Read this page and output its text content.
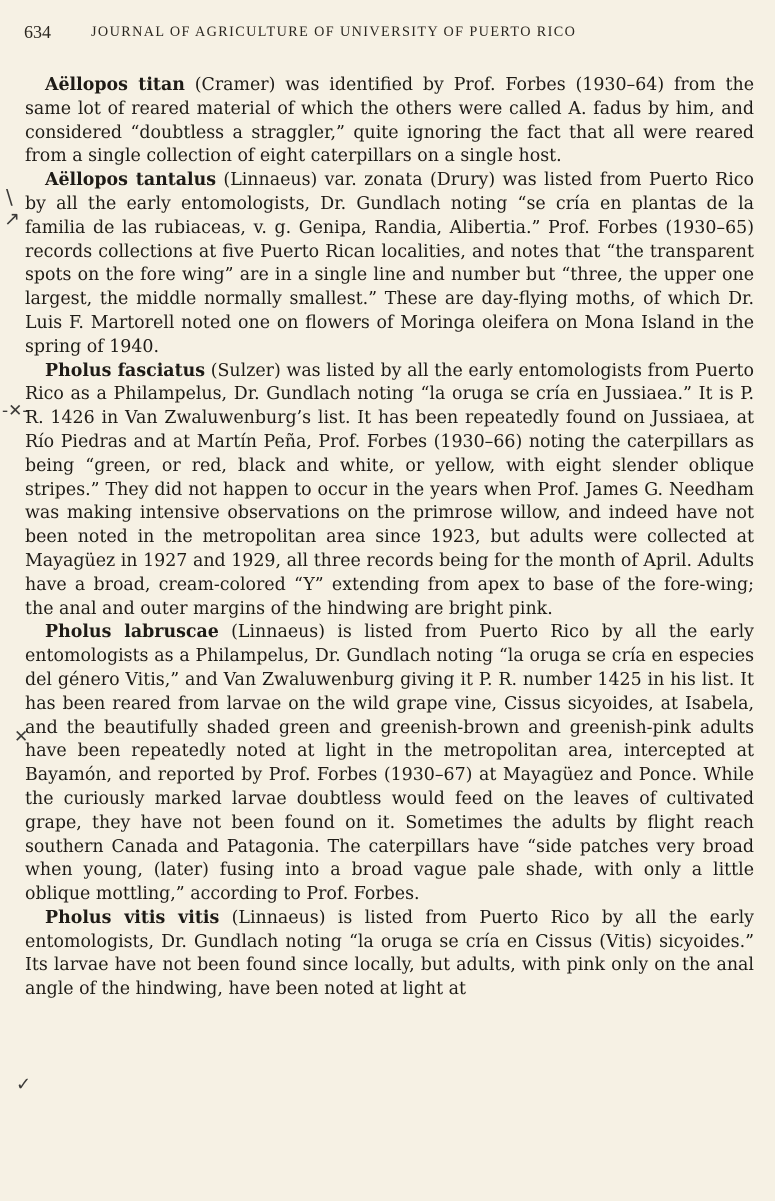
634	JOURNAL OF AGRICULTURE OF UNIVERSITY OF PUERTO RICO
\
↗
-✕-
✕
✓

Aëllopos titan (Cramer) was identified by Prof. Forbes (1930–64) from the same lot of reared material of which the others were called A. fadus by him, and considered “doubtless a straggler,” quite ignoring the fact that all were reared from a single collection of eight caterpillars on a single host.

Aëllopos tantalus (Linnaeus) var. zonata (Drury) was listed from Puerto Rico by all the early entomologists, Dr. Gundlach noting “se cría en plantas de la familia de las rubiaceas, v. g. Genipa, Randia, Alibertia.” Prof. Forbes (1930–65) records collections at five Puerto Rican localities, and notes that “the transparent spots on the fore wing” are in a single line and number but “three, the upper one largest, the middle normally smallest.” These are day-flying moths, of which Dr. Luis F. Martorell noted one on flowers of Moringa oleifera on Mona Island in the spring of 1940.

Pholus fasciatus (Sulzer) was listed by all the early entomologists from Puerto Rico as a Philampelus, Dr. Gundlach noting “la oruga se cría en Jussiaea.” It is P. R. 1426 in Van Zwaluwenburg’s list. It has been repeatedly found on Jussiaea, at Río Piedras and at Martín Peña, Prof. Forbes (1930–66) noting the caterpillars as being “green, or red, black and white, or yellow, with eight slender oblique stripes.” They did not happen to occur in the years when Prof. James G. Needham was making intensive observations on the primrose willow, and indeed have not been noted in the metropolitan area since 1923, but adults were collected at Mayagüez in 1927 and 1929, all three records being for the month of April. Adults have a broad, cream-colored “Y” extending from apex to base of the fore-wing; the anal and outer margins of the hindwing are bright pink.

Pholus labruscae (Linnaeus) is listed from Puerto Rico by all the early entomologists as a Philampelus, Dr. Gundlach noting “la oruga se cría en especies del género Vitis,” and Van Zwaluwenburg giving it P. R. number 1425 in his list. It has been reared from larvae on the wild grape vine, Cissus sicyoides, at Isabela, and the beautifully shaded green and greenish-brown and greenish-pink adults have been repeatedly noted at light in the metropolitan area, intercepted at Bayamón, and reported by Prof. Forbes (1930–67) at Mayagüez and Ponce. While the curiously marked larvae doubtless would feed on the leaves of cultivated grape, they have not been found on it. Sometimes the adults by flight reach southern Canada and Patagonia. The caterpillars have “side patches very broad when young, (later) fusing into a broad vague pale shade, with only a little oblique mottling,” according to Prof. Forbes.

Pholus vitis vitis (Linnaeus) is listed from Puerto Rico by all the early entomologists, Dr. Gundlach noting “la oruga se cría en Cissus (Vitis) sicyoides.” Its larvae have not been found since locally, but adults, with pink only on the anal angle of the hindwing, have been noted at light at
